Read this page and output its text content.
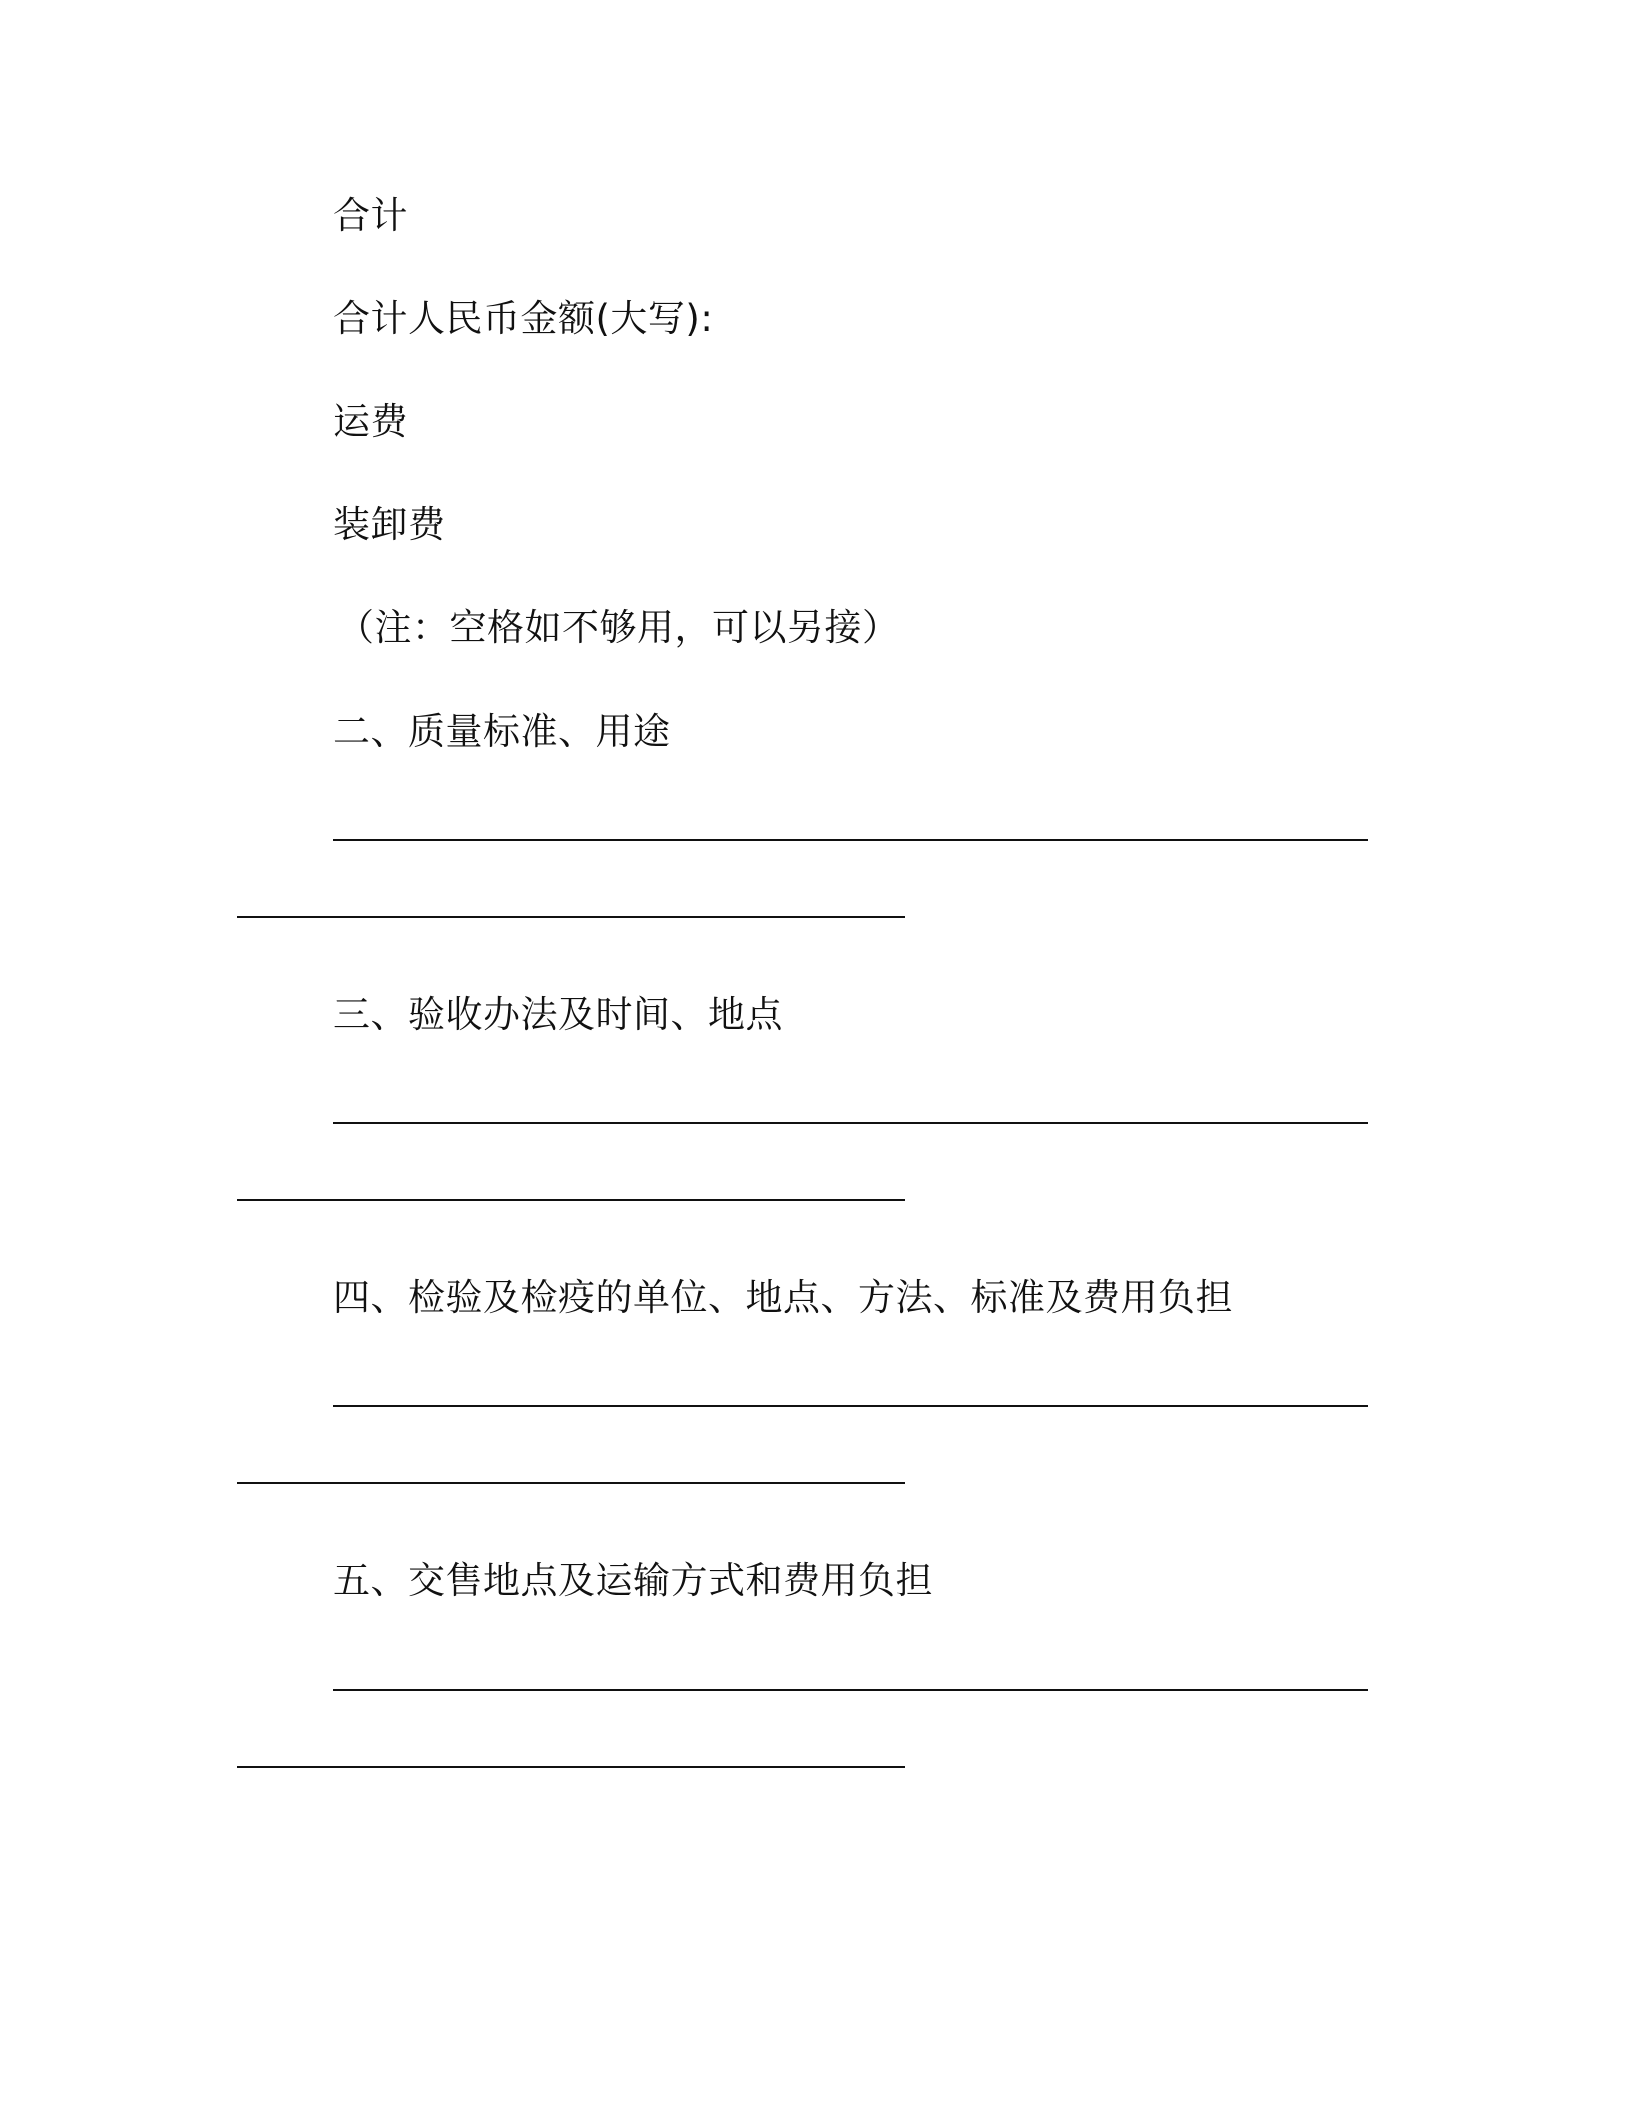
合计
合计人民币金额(大写):
运费
装卸费
（注：空格如不够用，可以另接）
二、质量标准、用途
三、验收办法及时间、地点
四、检验及检疫的单位、地点、方法、标准及费用负担
五、交售地点及运输方式和费用负担
